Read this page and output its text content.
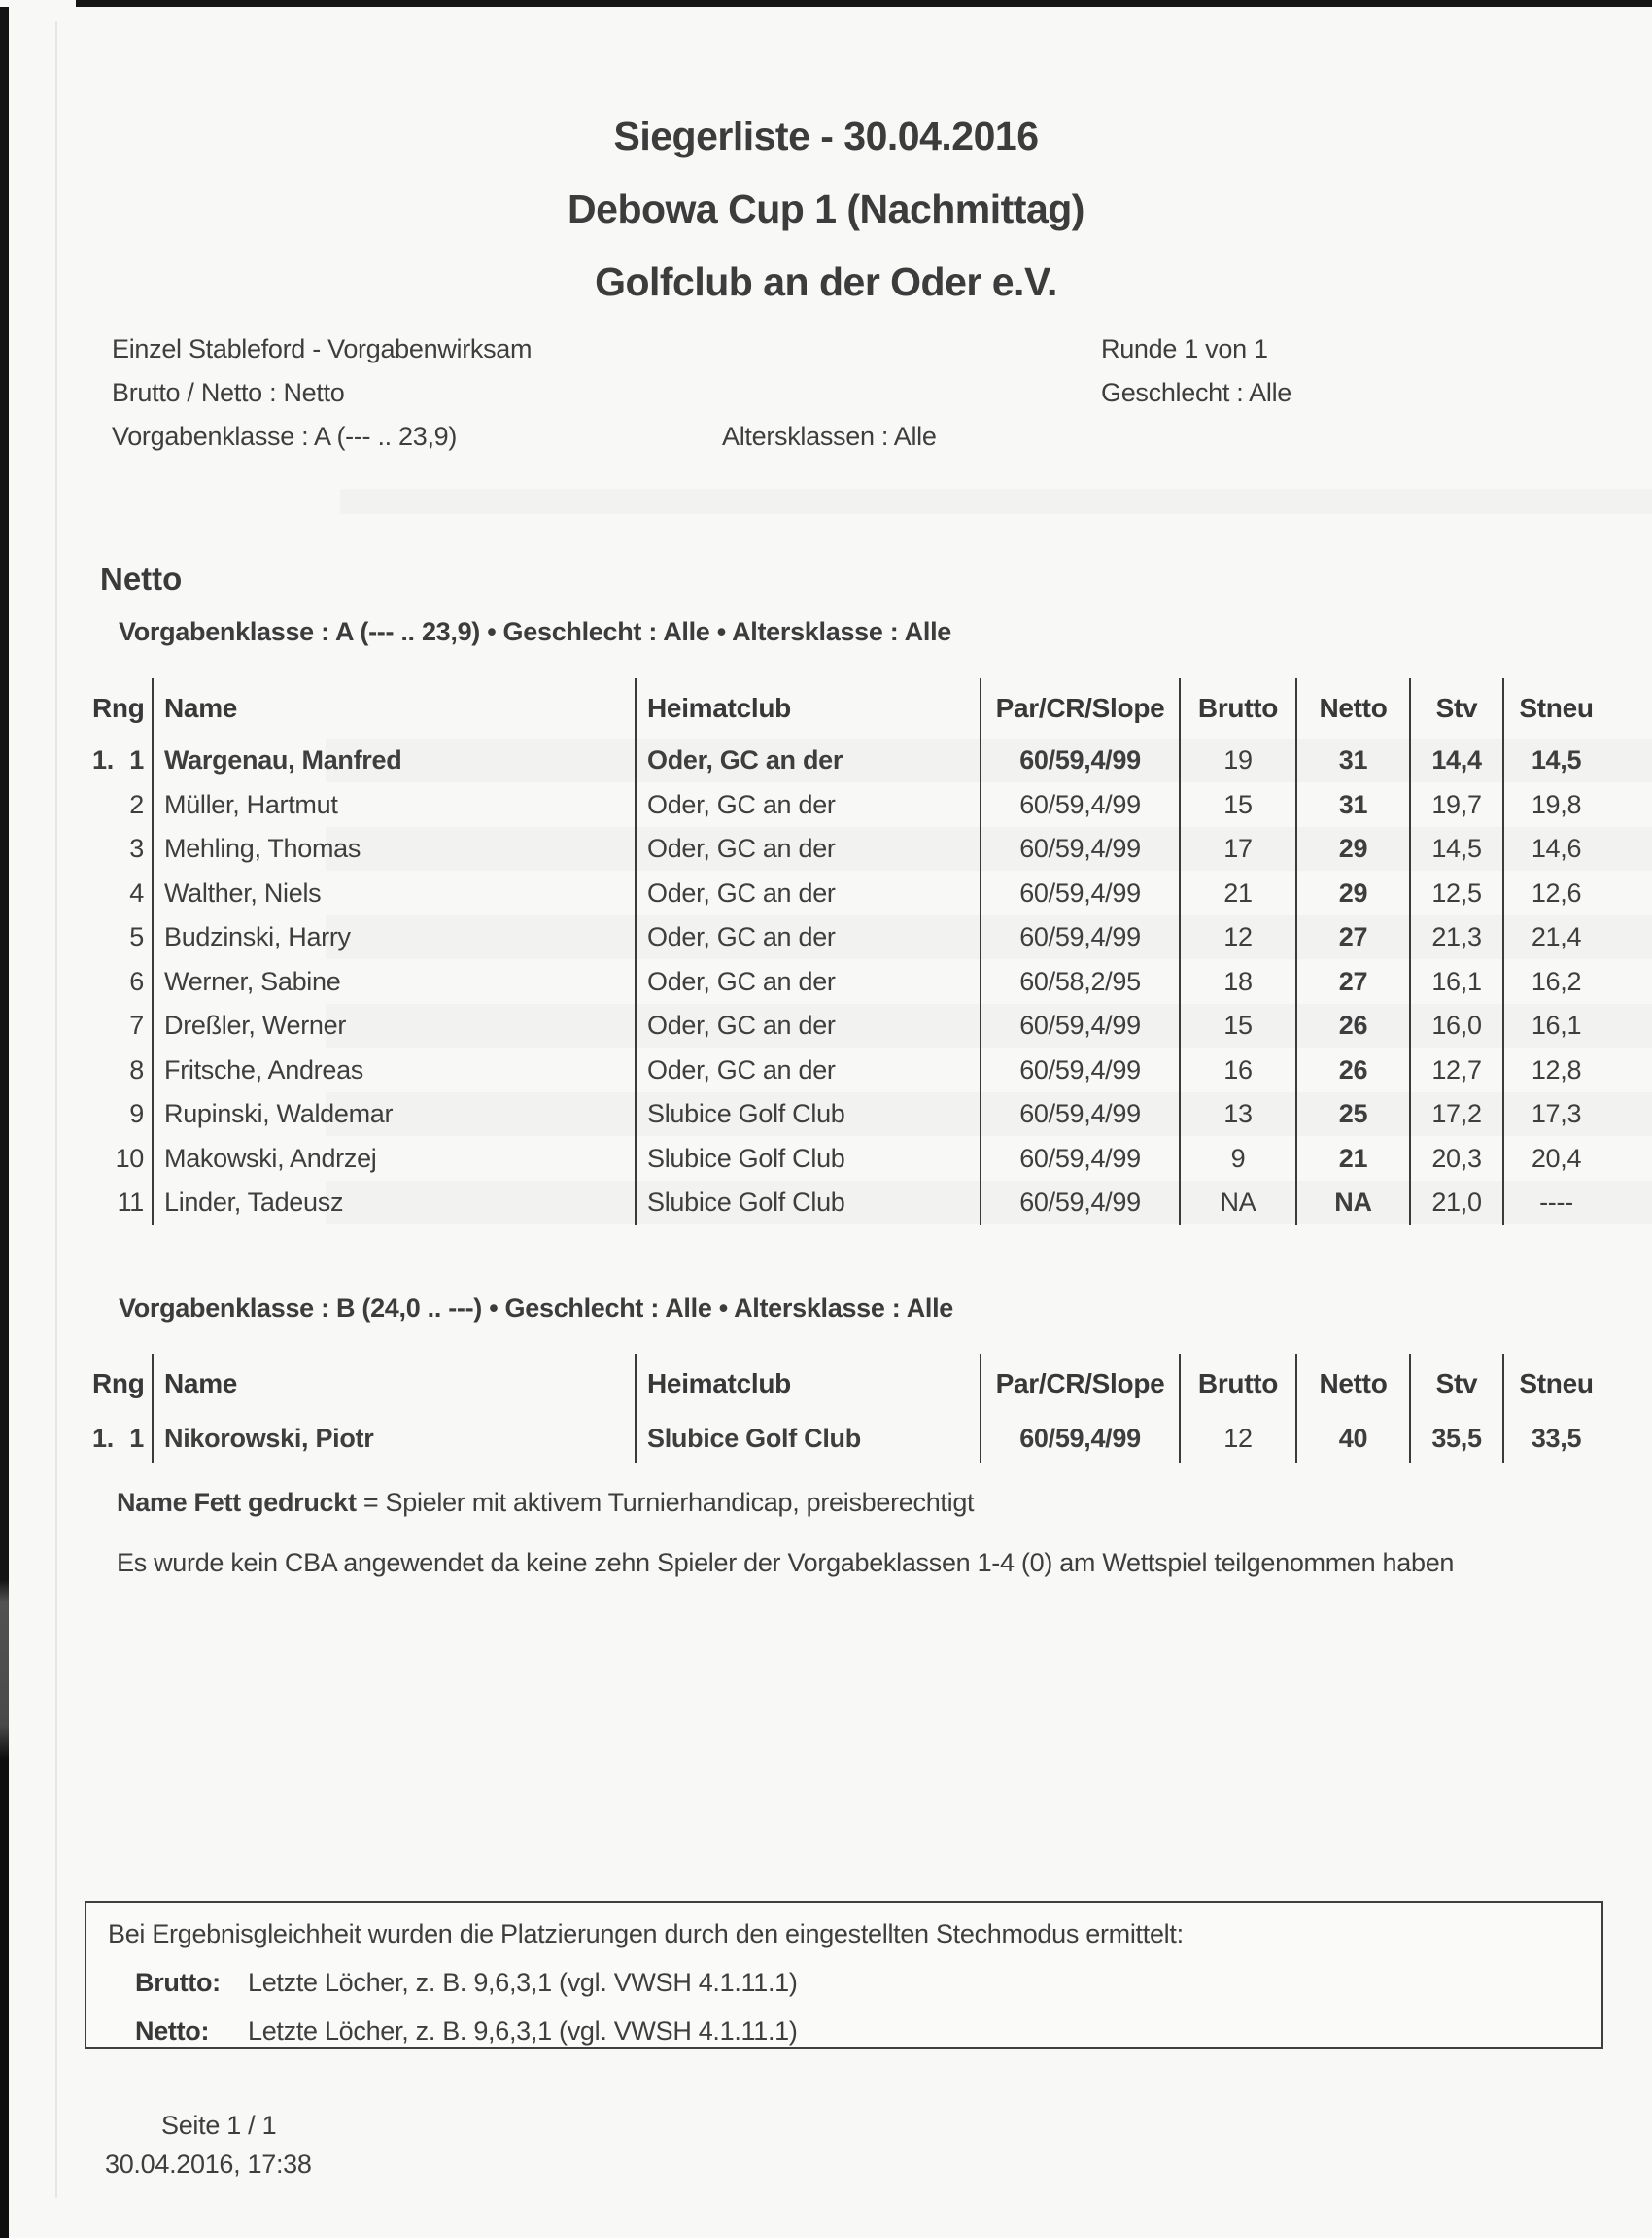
Siegerliste - 30.04.2016
Debowa Cup 1 (Nachmittag)
Golfclub an der Oder e.V.
Einzel Stableford - Vorgabenwirksam
Brutto / Netto : Netto
Vorgabenklasse : A (--- .. 23,9)	Altersklassen : Alle
Runde 1 von 1
Geschlecht : Alle
Netto
Vorgabenklasse : A (--- .. 23,9) • Geschlecht : Alle • Altersklasse : Alle
Rng Name	Heimatclub	Par/CR/Slope	Brutto	Netto	Stv	Stneu
1. 1 Wargenau, Manfred	Oder, GC an der	60/59,4/99	19	31	14,4	14,5
2 Müller, Hartmut	Oder, GC an der	60/59,4/99	15	31	19,7	19,8
3 Mehling, Thomas	Oder, GC an der	60/59,4/99	17	29	14,5	14,6
4 Walther, Niels	Oder, GC an der	60/59,4/99	21	29	12,5	12,6
5 Budzinski, Harry	Oder, GC an der	60/59,4/99	12	27	21,3	21,4
6 Werner, Sabine	Oder, GC an der	60/58,2/95	18	27	16,1	16,2
7 Dreßler, Werner	Oder, GC an der	60/59,4/99	15	26	16,0	16,1
8 Fritsche, Andreas	Oder, GC an der	60/59,4/99	16	26	12,7	12,8
9 Rupinski, Waldemar	Slubice Golf Club	60/59,4/99	13	25	17,2	17,3
10 Makowski, Andrzej	Slubice Golf Club	60/59,4/99	9	21	20,3	20,4
11 Linder, Tadeusz	Slubice Golf Club	60/59,4/99	NA	NA	21,0	----
Vorgabenklasse : B (24,0 .. ---) • Geschlecht : Alle • Altersklasse : Alle
Rng Name	Heimatclub	Par/CR/Slope	Brutto	Netto	Stv	Stneu
1. 1 Nikorowski, Piotr	Slubice Golf Club	60/59,4/99	12	40	35,5	33,5
Name Fett gedruckt = Spieler mit aktivem Turnierhandicap, preisberechtigt
Es wurde kein CBA angewendet da keine zehn Spieler der Vorgabeklassen 1-4 (0) am Wettspiel teilgenommen haben
Bei Ergebnisgleichheit wurden die Platzierungen durch den eingestellten Stechmodus ermittelt:
Brutto: Letzte Löcher, z. B. 9,6,3,1 (vgl. VWSH 4.1.11.1)
Netto: Letzte Löcher, z. B. 9,6,3,1 (vgl. VWSH 4.1.11.1)
Seite 1 / 1
30.04.2016, 17:38
